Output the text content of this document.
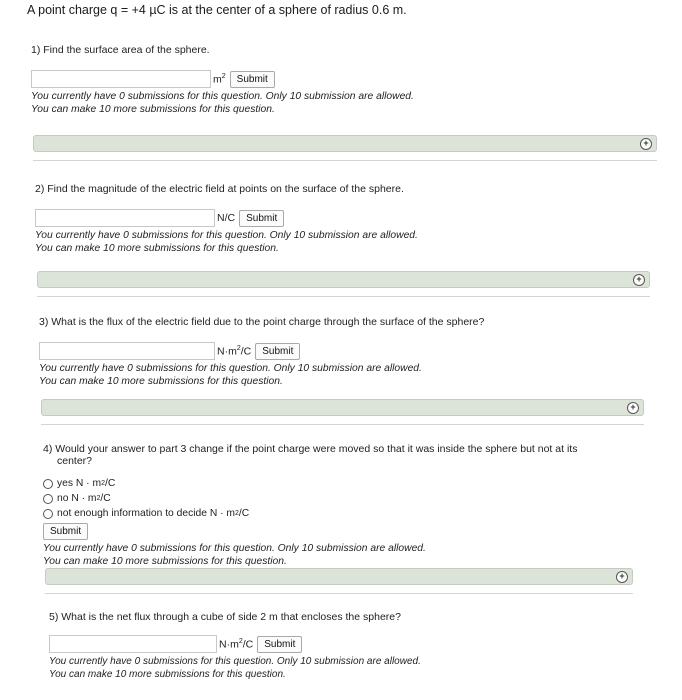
A point charge q = +4 µC is at the center of a sphere of radius 0.6 m.
1) Find the surface area of the sphere.
$m^2$	Submit
You currently have 0 submissions for this question. Only 10 submission are allowed.
You can make 10 more submissions for this question.
+
2) Find the magnitude of the electric field at points on the surface of the sphere.
N/C	Submit
You currently have 0 submissions for this question. Only 10 submission are allowed.
You can make 10 more submissions for this question.
+
3) What is the flux of the electric field due to the point charge through the surface of the sphere?
$N\cdot m^2/C$	Submit
You currently have 0 submissions for this question. Only 10 submission are allowed.
You can make 10 more submissions for this question.
+
4) Would your answer to part 3 change if the point charge were moved so that it was inside the sphere but not at its
center?
yes N · m 2 /C
no N · m 2 /C
not enough information to decide N · m 2 /C
Submit
You currently have 0 submissions for this question. Only 10 submission are allowed.
You can make 10 more submissions for this question.
+
5) What is the net flux through a cube of side 2 m that encloses the sphere?
$N\cdot m^2/C$	Submit
You currently have 0 submissions for this question. Only 10 submission are allowed.
You can make 10 more submissions for this question.
